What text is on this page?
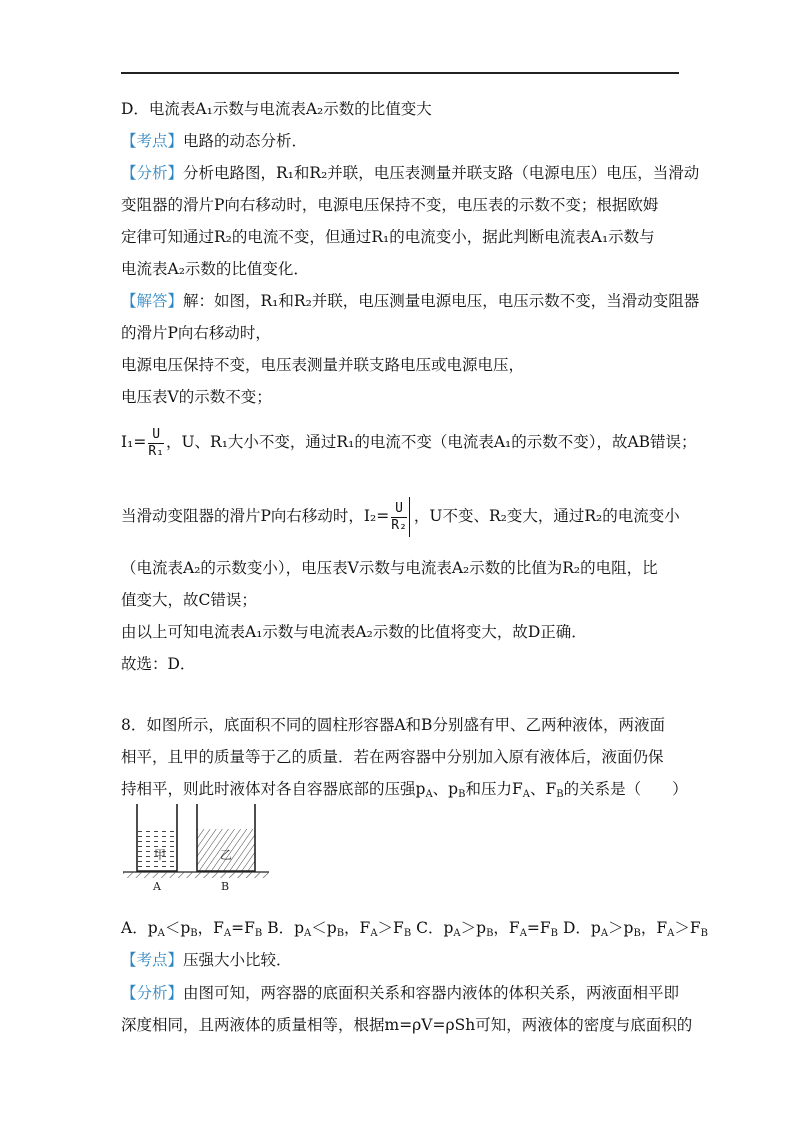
D．电流表A₁示数与电流表A₂示数的比值变大
【考点】电路的动态分析．
【分析】分析电路图，R₁和R₂并联，电压表测量并联支路（电源电压）电压，当滑动
变阻器的滑片P向右移动时，电源电压保持不变，电压表的示数不变；根据欧姆
定律可知通过R₂的电流不变，但通过R₁的电流变小，据此判断电流表A₁示数与
电流表A₂示数的比值变化．
【解答】解：如图，R₁和R₂并联，电压测量电源电压，电压示数不变，当滑动变阻器
的滑片P向右移动时，
电源电压保持不变，电压表测量并联支路电压或电源电压，
电压表V的示数不变；
$I_1= \frac{U}{\text{R₁}}$ ，U、R₁大小不变，通过R₁的电流不变（电流表A₁的示数不变），故AB错误；
当滑动变阻器的滑片P向右移动时，$I_2= \frac{U}{\text{R₂}}$ ，U不变、R₂变大，通过R₂的电流变小
（电流表A₂的示数变小），电压表V示数与电流表A₂示数的比值为R₂的电阻，比
值变大，故C错误；
由以上可知电流表A₁示数与电流表A₂示数的比值将变大，故D正确．
故选：D．
8．如图所示，底面积不同的圆柱形容器A和B分别盛有甲、乙两种液体，两液面
相平，且甲的质量等于乙的质量．若在两容器中分别加入原有液体后，液面仍保
持相平，则此时液体对各自容器底部的压强$p_A$、$p_B$和压力$F_A$、$F_B$的关系是（　　）
甲	乙
A	B
A．$p_A<p_B$，$F_A=F_B$ B．$p_A<p_B$，$F_A>F_B$ C．$p_A>p_B$，$F_A=F_B$ D．$p_A>p_B$，$F_A>F_B$
【考点】压强大小比较．
【分析】由图可知，两容器的底面积关系和容器内液体的体积关系，两液面相平即
深度相同，且两液体的质量相等，根据m=ρV=ρSh可知，两液体的密度与底面积的
